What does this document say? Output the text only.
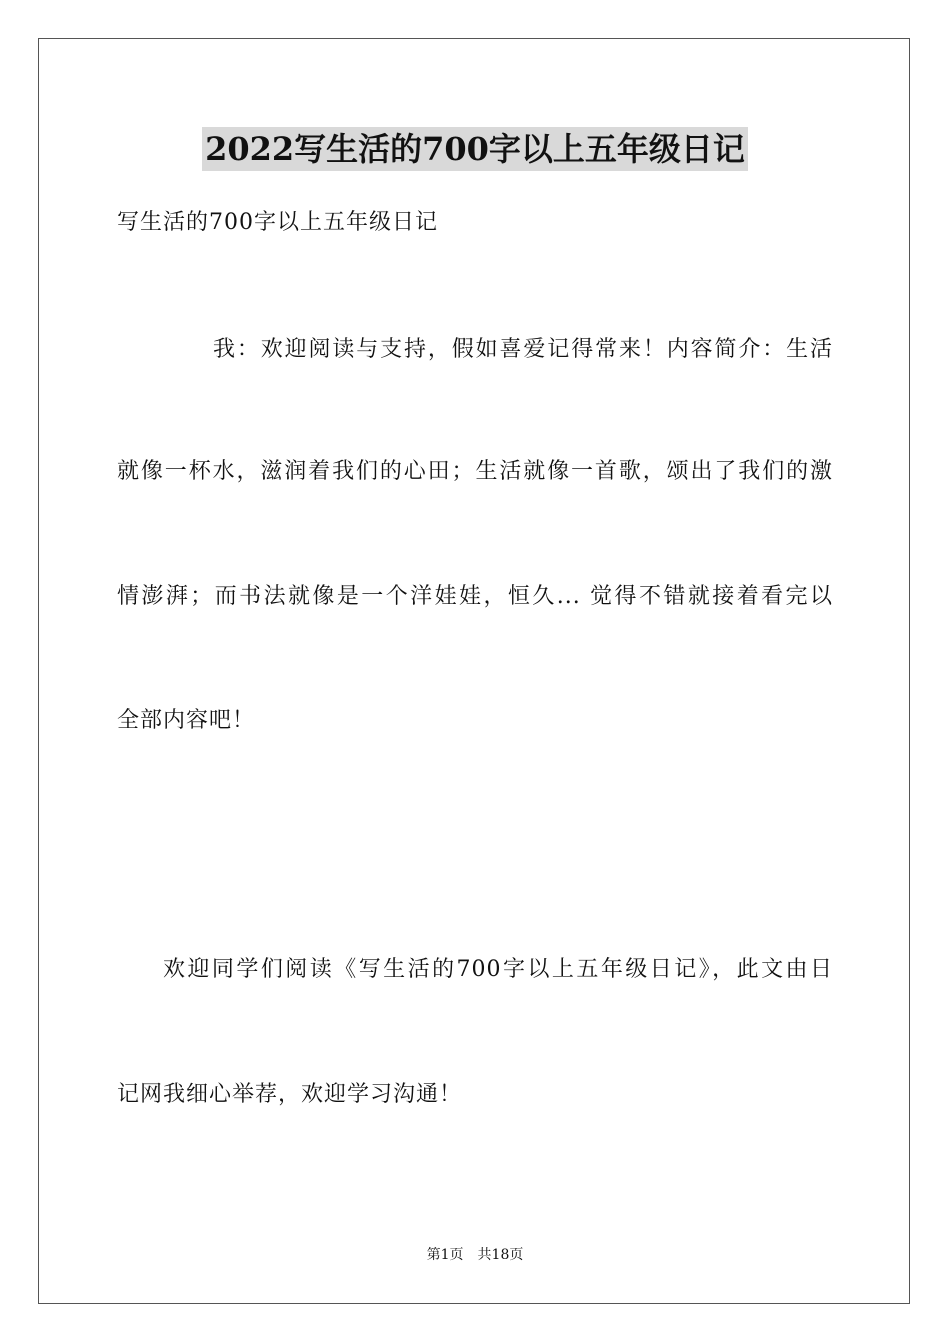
2022写生活的700字以上五年级日记
写生活的700字以上五年级日记
我：欢迎阅读与支持，假如喜爱记得常来！内容简介：生活
就像一杯水，滋润着我们的心田；生活就像一首歌，颂出了我们的激
情澎湃；而书法就像是一个洋娃娃，恒久... 觉得不错就接着看完以
全部内容吧！
欢迎同学们阅读《写生活的700字以上五年级日记》，此文由日
记网我细心举荐，欢迎学习沟通！
第1页 共18页
